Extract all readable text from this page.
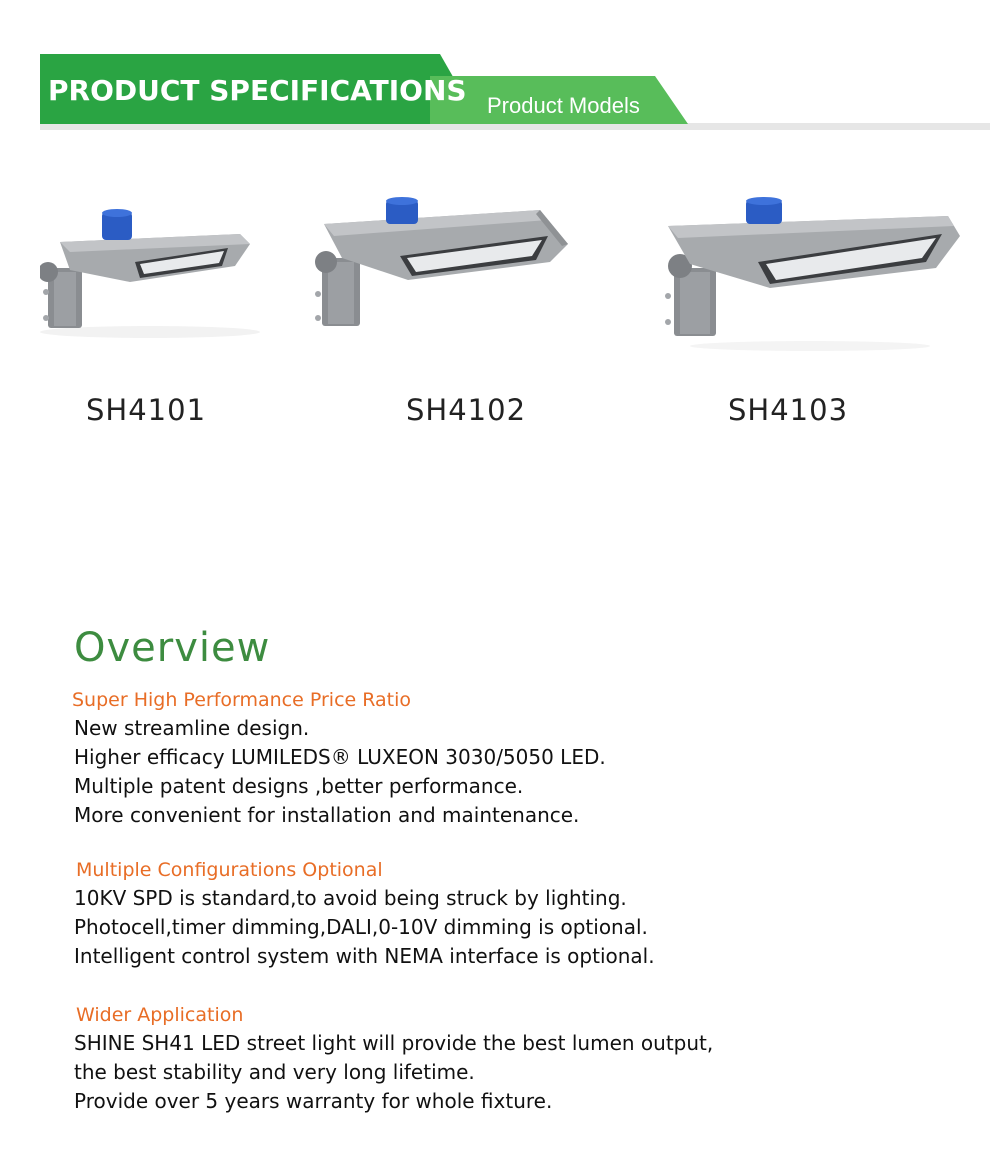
PRODUCT SPECIFICATIONS Product Models
SH4101	SH4102	SH4103
Overview
Super High Performance Price Ratio
New streamline design.
Higher efficacy LUMILEDS® LUXEON 3030/5050 LED.
Multiple patent designs ,better performance.
More convenient for installation and maintenance.
Multiple Configurations Optional
10KV SPD is standard,to avoid being struck by lighting.
Photocell,timer dimming,DALI,0-10V dimming is optional.
Intelligent control system with NEMA interface is optional.
Wider Application
SHINE SH41 LED street light will provide the best lumen output,
the best stability and very long lifetime.
Provide over 5 years warranty for whole fixture.
